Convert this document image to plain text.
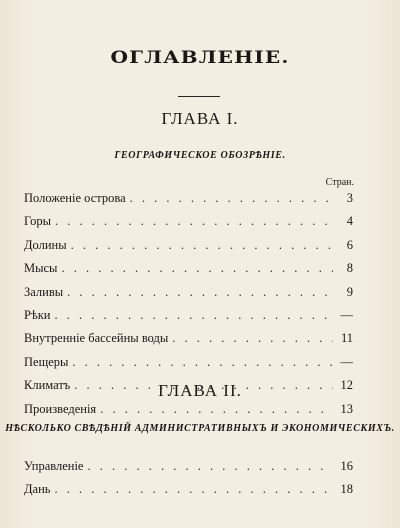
ОГЛАВЛЕНІЕ.
ГЛАВА I.
ГЕОГРАФИЧЕСКОЕ ОБОЗРѢНІЕ.
Стран.
Положеніе острова . . .	3
Горы . . .	4
Долины . . .	6
Мысы . . .	8
Заливы . . .	9
Рѣки . . .	—
Внутренніе бассейны воды . . .	11
Пещеры . . .	—
Климатъ . . .	12
Произведенія . . .	13
ГЛАВА II.
НѢСКОЛЬКО СВѢДѢНІЙ АДМИНИСТРАТИВНЫХЪ И ЭКОНОМИЧЕСКИХЪ.
Управленіе . . .	16
Дань . . .	18
